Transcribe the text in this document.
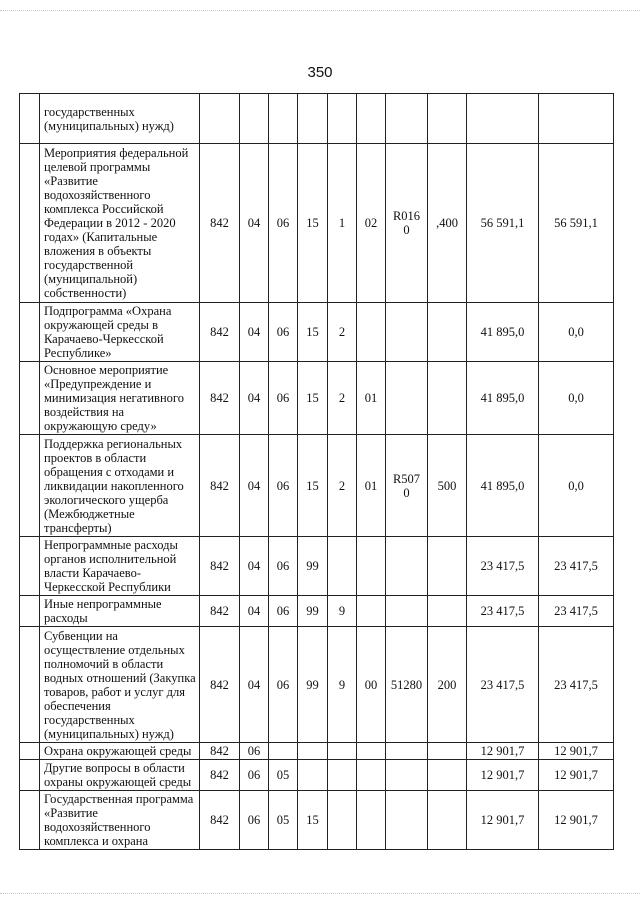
350
	государственных (муниципальных) нужд)										
	Мероприятия федеральной целевой программы «Развитие водохозяйственного комплекса Российской Федерации в 2012 - 2020 годах» (Капитальные вложения в объекты государственной (муниципальной) собственности)	842	04	06	15	1	02	R016 0	,400	56 591,1	56 591,1
	Подпрограмма «Охрана окружающей среды в Карачаево-Черкесской Республике»	842	04	06	15	2				41 895,0	0,0
	Основное мероприятие «Предупреждение и минимизация негативного воздействия на окружающую среду»	842	04	06	15	2	01			41 895,0	0,0
	Поддержка региональных проектов в области обращения с отходами и ликвидации накопленного экологического ущерба (Межбюджетные трансферты)	842	04	06	15	2	01	R507 0	500	41 895,0	0,0
	Непрограммные расходы органов исполнительной власти Карачаево-Черкесской Республики	842	04	06	99					23 417,5	23 417,5
	Иные непрограммные расходы	842	04	06	99	9				23 417,5	23 417,5
	Субвенции на осуществление отдельных полномочий в области водных отношений (Закупка товаров, работ и услуг для обеспечения государственных (муниципальных) нужд)	842	04	06	99	9	00	51280	200	23 417,5	23 417,5
	Охрана окружающей среды	842	06							12 901,7	12 901,7
	Другие вопросы в области охраны окружающей среды	842	06	05						12 901,7	12 901,7
	Государственная программа «Развитие водохозяйственного комплекса и охрана	842	06	05	15					12 901,7	12 901,7
